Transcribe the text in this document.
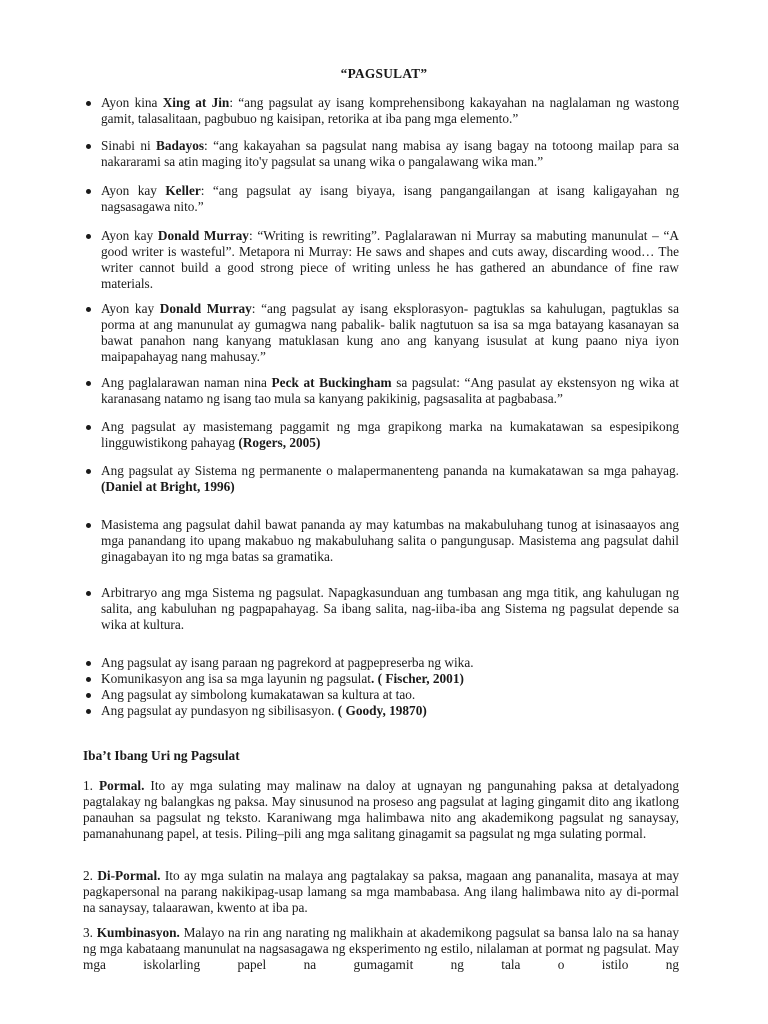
“PAGSULAT”
Ayon kina Xing at Jin: “ang pagsulat ay isang komprehensibong kakayahan na naglalaman ng wastong gamit, talasalitaan, pagbubuo ng kaisipan, retorika at iba pang mga elemento.”
Sinabi ni Badayos: “ang kakayahan sa pagsulat nang mabisa ay isang bagay na totoong mailap para sa nakararami sa atin maging ito'y pagsulat sa unang wika o pangalawang wika man.”
Ayon kay Keller: “ang pagsulat ay isang biyaya, isang pangangailangan at isang kaligayahan ng nagsasagawa nito.”
Ayon kay Donald Murray: “Writing is rewriting”. Paglalarawan ni Murray sa mabuting manunulat – “A good writer is wasteful”. Metapora ni Murray: He saws and shapes and cuts away, discarding wood… The writer cannot build a good strong piece of writing unless he has gathered an abundance of fine raw materials.
Ayon kay Donald Murray: “ang pagsulat ay isang eksplorasyon- pagtuklas sa kahulugan, pagtuklas sa porma at ang manunulat ay gumagwa nang pabalik- balik nagtutuon sa isa sa mga batayang kasanayan sa bawat panahon nang kanyang matuklasan kung ano ang kanyang isusulat at kung paano niya iyon maipapahayag nang mahusay.”
Ang paglalarawan naman nina Peck at Buckingham sa pagsulat: “Ang pasulat ay ekstensyon ng wika at karanasang natamo ng isang tao mula sa kanyang pakikinig, pagsasalita at pagbabasa.”
Ang pagsulat ay masistemang paggamit ng mga grapikong marka na kumakatawan sa espesipikong lingguwistikong pahayag (Rogers, 2005)
Ang pagsulat ay Sistema ng permanente o malapermanenteng pananda na kumakatawan sa mga pahayag. (Daniel at Bright, 1996)
Masistema ang pagsulat dahil bawat pananda ay may katumbas na makabuluhang tunog at isinasaayos ang mga panandang ito upang makabuo ng makabuluhang salita o pangungusap. Masistema ang pagsulat dahil ginagabayan ito ng mga batas sa gramatika.
Arbitraryo ang mga Sistema ng pagsulat. Napagkasunduan ang tumbasan ang mga titik, ang kahulugan ng salita, ang kabuluhan ng pagpapahayag. Sa ibang salita, nag-iiba-iba ang Sistema ng pagsulat depende sa wika at kultura.
Ang pagsulat ay isang paraan ng pagrekord at pagpepreserba ng wika.
Komunikasyon ang isa sa mga layunin ng pagsulat. ( Fischer, 2001)
Ang pagsulat ay simbolong kumakatawan sa kultura at tao.
Ang pagsulat ay pundasyon ng sibilisasyon. ( Goody, 19870)
Iba’t Ibang Uri ng Pagsulat
1. Pormal. Ito ay mga sulating may malinaw na daloy at ugnayan ng pangunahing paksa at detalyadong pagtalakay ng balangkas ng paksa. May sinusunod na proseso ang pagsulat at laging gingamit dito ang ikatlong panauhan sa pagsulat ng teksto. Karaniwang mga halimbawa nito ang akademikong pagsulat ng sanaysay, pamanahunang papel, at tesis. Piling–pili ang mga salitang ginagamit sa pagsulat ng mga sulating pormal.
2. Di-Pormal. Ito ay mga sulatin na malaya ang pagtalakay sa paksa, magaan ang pananalita, masaya at may pagkapersonal na parang nakikipag-usap lamang sa mga mambabasa. Ang ilang halimbawa nito ay di-pormal na sanaysay, talaarawan, kwento at iba pa.
3. Kumbinasyon. Malayo na rin ang narating ng malikhain at akademikong pagsulat sa bansa lalo na sa hanay ng mga kabataang manunulat na nagsasagawa ng eksperimento ng estilo, nilalaman at pormat ng pagsulat. May mga iskolarling papel na gumagamit ng tala o istilo ng
